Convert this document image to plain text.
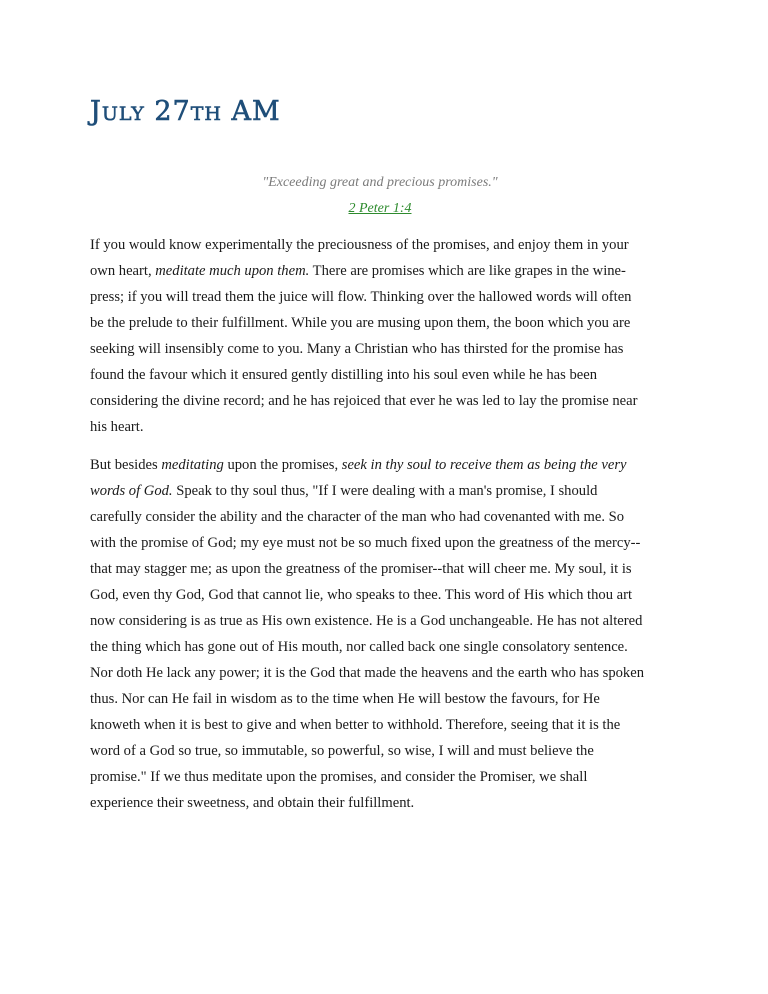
July 27th AM

"Exceeding great and precious promises."

2 Peter 1:4

If you would know experimentally the preciousness of the promises, and enjoy them in your
own heart, meditate much upon them. There are promises which are like grapes in the wine-
press; if you will tread them the juice will flow. Thinking over the hallowed words will often
be the prelude to their fulfillment. While you are musing upon them, the boon which you are
seeking will insensibly come to you. Many a Christian who has thirsted for the promise has
found the favour which it ensured gently distilling into his soul even while he has been
considering the divine record; and he has rejoiced that ever he was led to lay the promise near
his heart.
But besides meditating upon the promises, seek in thy soul to receive them as being the very
words of God. Speak to thy soul thus, "If I were dealing with a man's promise, I should
carefully consider the ability and the character of the man who had covenanted with me. So
with the promise of God; my eye must not be so much fixed upon the greatness of the mercy--
that may stagger me; as upon the greatness of the promiser--that will cheer me. My soul, it is
God, even thy God, God that cannot lie, who speaks to thee. This word of His which thou art
now considering is as true as His own existence. He is a God unchangeable. He has not altered
the thing which has gone out of His mouth, nor called back one single consolatory sentence.
Nor doth He lack any power; it is the God that made the heavens and the earth who has spoken
thus. Nor can He fail in wisdom as to the time when He will bestow the favours, for He
knoweth when it is best to give and when better to withhold. Therefore, seeing that it is the
word of a God so true, so immutable, so powerful, so wise, I will and must believe the
promise." If we thus meditate upon the promises, and consider the Promiser, we shall
experience their sweetness, and obtain their fulfillment.
